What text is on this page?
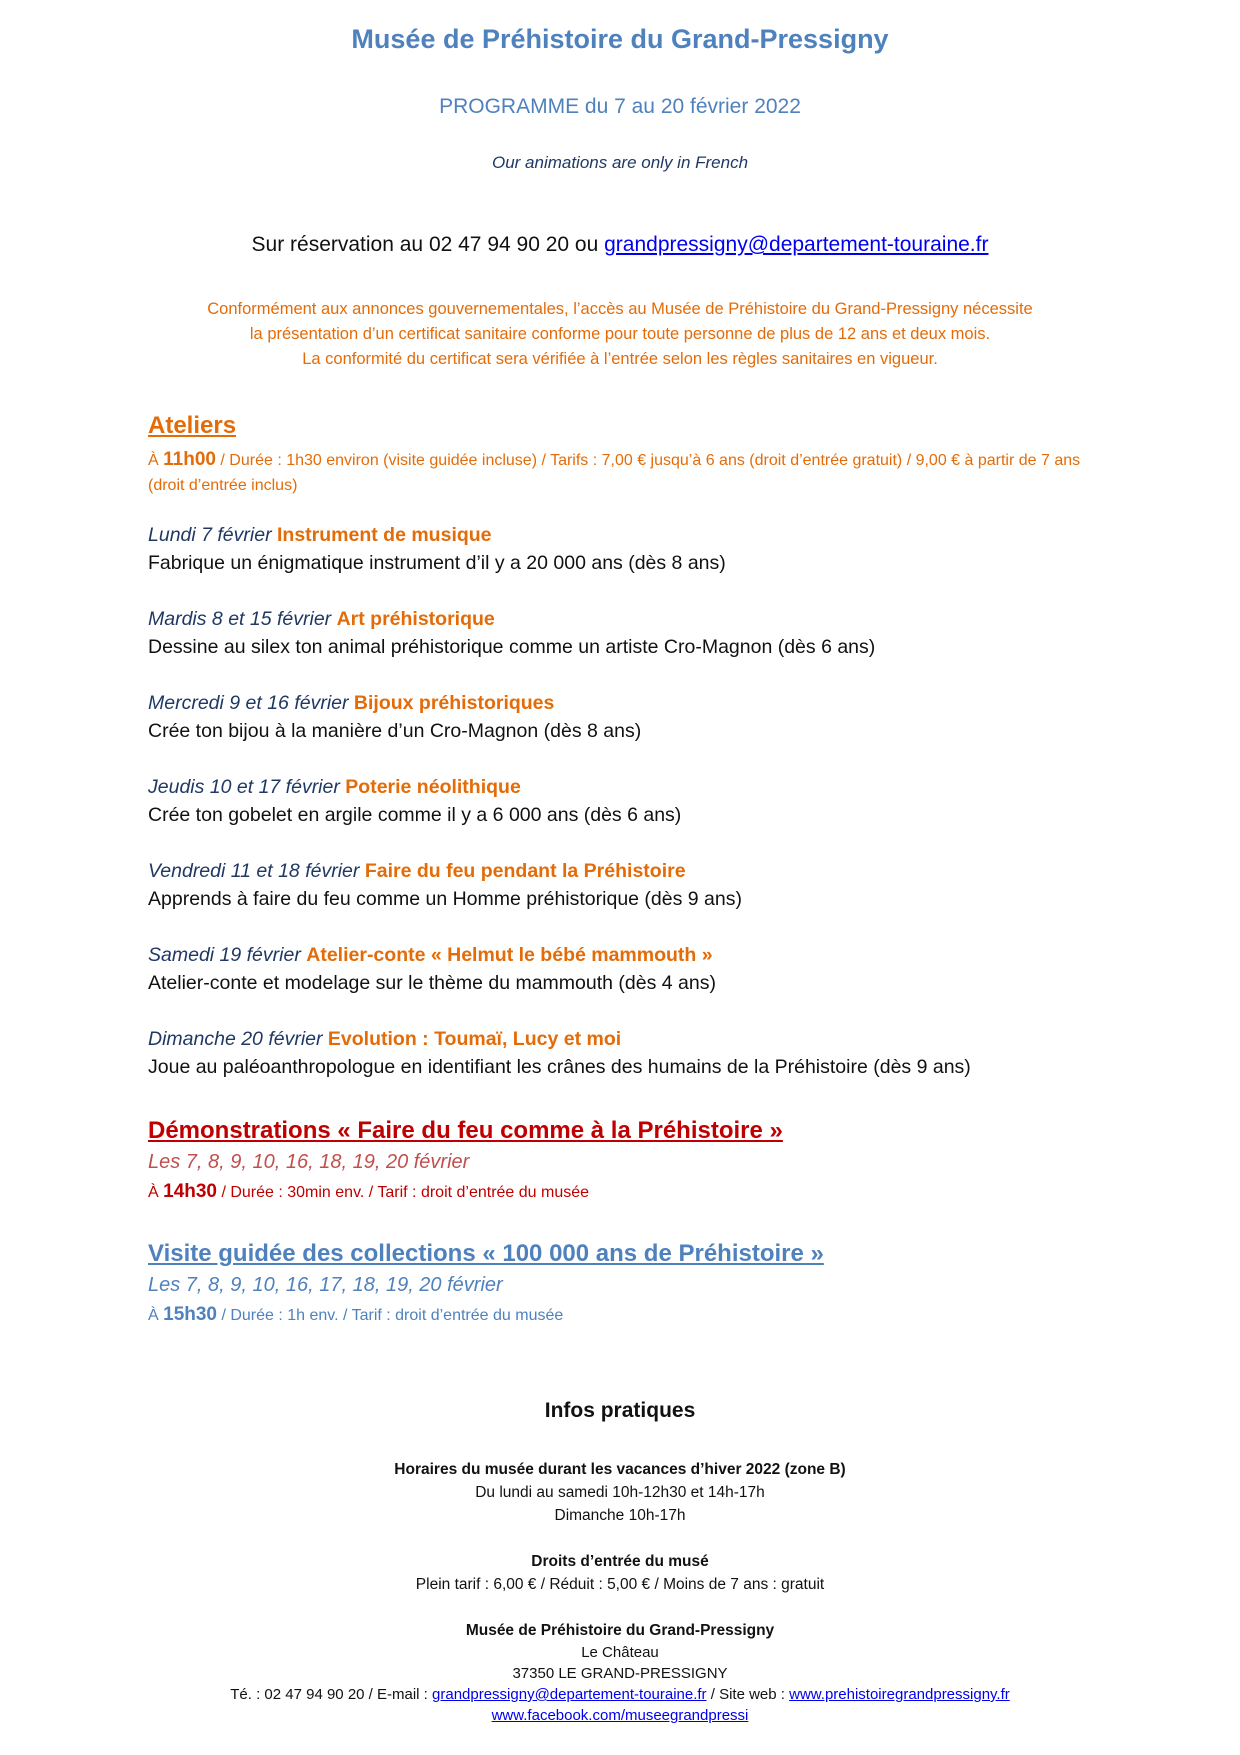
Musée de Préhistoire du Grand-Pressigny
PROGRAMME du 7 au 20 février 2022
Our animations are only in French
Sur réservation au 02 47 94 90 20 ou grandpressigny@departement-touraine.fr
Conformément aux annonces gouvernementales, l’accès au Musée de Préhistoire du Grand-Pressigny nécessite
la présentation d’un certificat sanitaire conforme pour toute personne de plus de 12 ans et deux mois.
La conformité du certificat sera vérifiée à l’entrée selon les règles sanitaires en vigueur.
Ateliers
À 11h00 / Durée : 1h30 environ (visite guidée incluse) / Tarifs : 7,00 € jusqu’à 6 ans (droit d’entrée gratuit) / 9,00 € à partir de 7 ans (droit d’entrée inclus)
Lundi 7 février Instrument de musique
Fabrique un énigmatique instrument d’il y a 20 000 ans (dès 8 ans)
Mardis 8 et 15 février Art préhistorique
Dessine au silex ton animal préhistorique comme un artiste Cro-Magnon (dès 6 ans)
Mercredi 9 et 16 février Bijoux préhistoriques
Crée ton bijou à la manière d’un Cro-Magnon (dès 8 ans)
Jeudis 10 et 17 février Poterie néolithique
Crée ton gobelet en argile comme il y a 6 000 ans (dès 6 ans)
Vendredi 11 et 18 février Faire du feu pendant la Préhistoire
Apprends à faire du feu comme un Homme préhistorique (dès 9 ans)
Samedi 19 février Atelier-conte « Helmut le bébé mammouth »
Atelier-conte et modelage sur le thème du mammouth (dès 4 ans)
Dimanche 20 février Evolution : Toumaï, Lucy et moi
Joue au paléoanthropologue en identifiant les crânes des humains de la Préhistoire (dès 9 ans)
Démonstrations « Faire du feu comme à la Préhistoire »
Les 7, 8, 9, 10, 16, 18, 19, 20 février
À 14h30 / Durée : 30min env. / Tarif : droit d’entrée du musée
Visite guidée des collections « 100 000 ans de Préhistoire »
Les 7, 8, 9, 10, 16, 17, 18, 19, 20 février
À 15h30 / Durée : 1h env. / Tarif : droit d’entrée du musée
Infos pratiques
Horaires du musée durant les vacances d’hiver 2022 (zone B)
Du lundi au samedi 10h-12h30 et 14h-17h
Dimanche 10h-17h
Droits d’entrée du musé
Plein tarif : 6,00 € / Réduit : 5,00 € / Moins de 7 ans : gratuit
Musée de Préhistoire du Grand-Pressigny
Le Château
37350 LE GRAND-PRESSIGNY
Té. : 02 47 94 90 20 / E-mail : grandpressigny@departement-touraine.fr / Site web : www.prehistoiregrandpressigny.fr
www.facebook.com/museegrandpressi
